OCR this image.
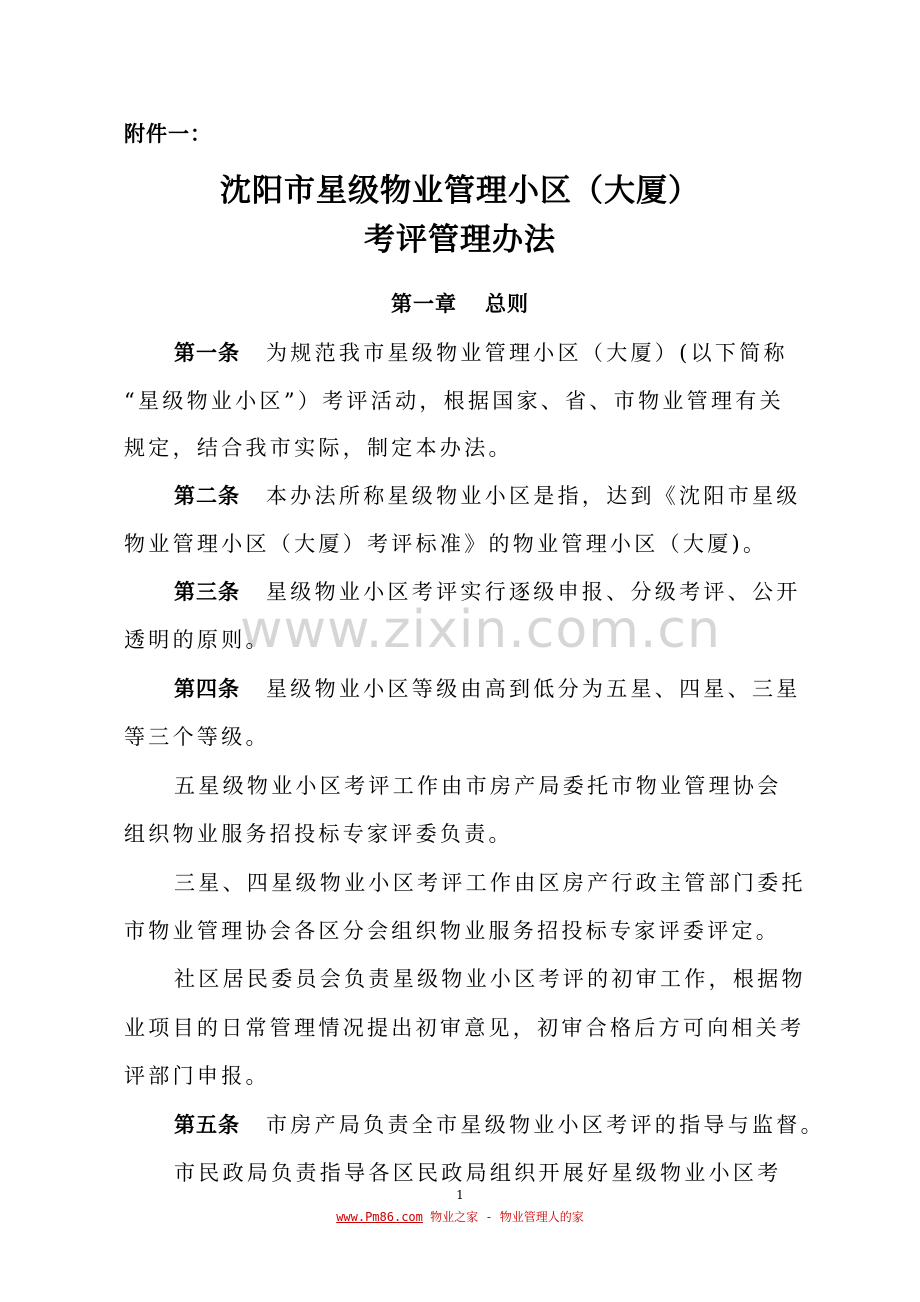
www.zixin.com.cn
附件一：
沈阳市星级物业管理小区（大厦）
考评管理办法
第一章 总则
第一条 为规范我市星级物业管理小区（大厦）(以下简称
“星级物业小区”）考评活动，根据国家、省、市物业管理有关
规定，结合我市实际，制定本办法。
第二条 本办法所称星级物业小区是指，达到《沈阳市星级
物业管理小区（大厦）考评标准》的物业管理小区（大厦)。
第三条 星级物业小区考评实行逐级申报、分级考评、公开
透明的原则。
第四条 星级物业小区等级由高到低分为五星、四星、三星
等三个等级。
五星级物业小区考评工作由市房产局委托市物业管理协会
组织物业服务招投标专家评委负责。
三星、四星级物业小区考评工作由区房产行政主管部门委托
市物业管理协会各区分会组织物业服务招投标专家评委评定。
社区居民委员会负责星级物业小区考评的初审工作，根据物
业项目的日常管理情况提出初审意见，初审合格后方可向相关考
评部门申报。
第五条 市房产局负责全市星级物业小区考评的指导与监督。
市民政局负责指导各区民政局组织开展好星级物业小区考
1
www.Pm86.com 物业之家 - 物业管理人的家
